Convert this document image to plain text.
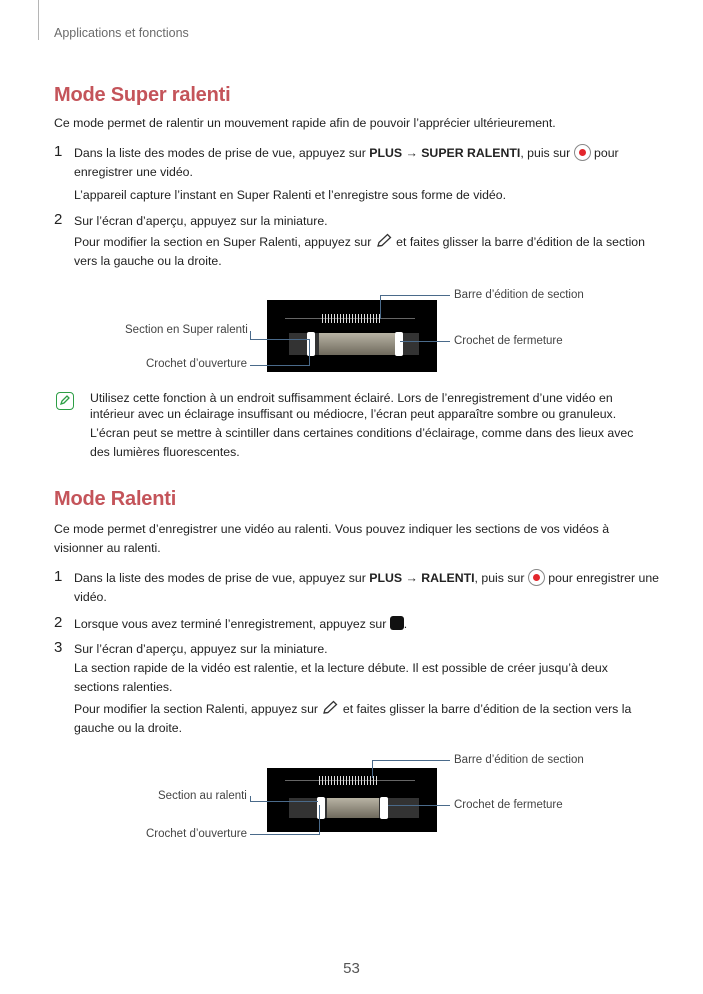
Applications et fonctions
Mode Super ralenti
Ce mode permet de ralentir un mouvement rapide afin de pouvoir l’apprécier ultérieurement.
1 Dans la liste des modes de prise de vue, appuyez sur PLUS → SUPER RALENTI, puis sur  pour
enregistrer une vidéo.
L’appareil capture l’instant en Super Ralenti et l’enregistre sous forme de vidéo.
2 Sur l’écran d’aperçu, appuyez sur la miniature.
Pour modifier la section en Super Ralenti, appuyez sur  et faites glisser la barre d’édition de la section
vers la gauche ou la droite.
Barre d’édition de section
Section en Super ralenti
Crochet de fermeture
Crochet d’ouverture
Utilisez cette fonction à un endroit suffisamment éclairé. Lors de l’enregistrement d’une vidéo en
intérieur avec un éclairage insuffisant ou médiocre, l’écran peut apparaître sombre ou granuleux.
L’écran peut se mettre à scintiller dans certaines conditions d’éclairage, comme dans des lieux avec
des lumières fluorescentes.
Mode Ralenti
Ce mode permet d’enregistrer une vidéo au ralenti. Vous pouvez indiquer les sections de vos vidéos à
visionner au ralenti.
1 Dans la liste des modes de prise de vue, appuyez sur PLUS → RALENTI, puis sur  pour enregistrer une
vidéo.
2 Lorsque vous avez terminé l’enregistrement, appuyez sur .
3 Sur l’écran d’aperçu, appuyez sur la miniature.
La section rapide de la vidéo est ralentie, et la lecture débute. Il est possible de créer jusqu’à deux
sections ralenties.
Pour modifier la section Ralenti, appuyez sur  et faites glisser la barre d’édition de la section vers la
gauche ou la droite.
Barre d’édition de section
Section au ralenti
Crochet de fermeture
Crochet d’ouverture
53
